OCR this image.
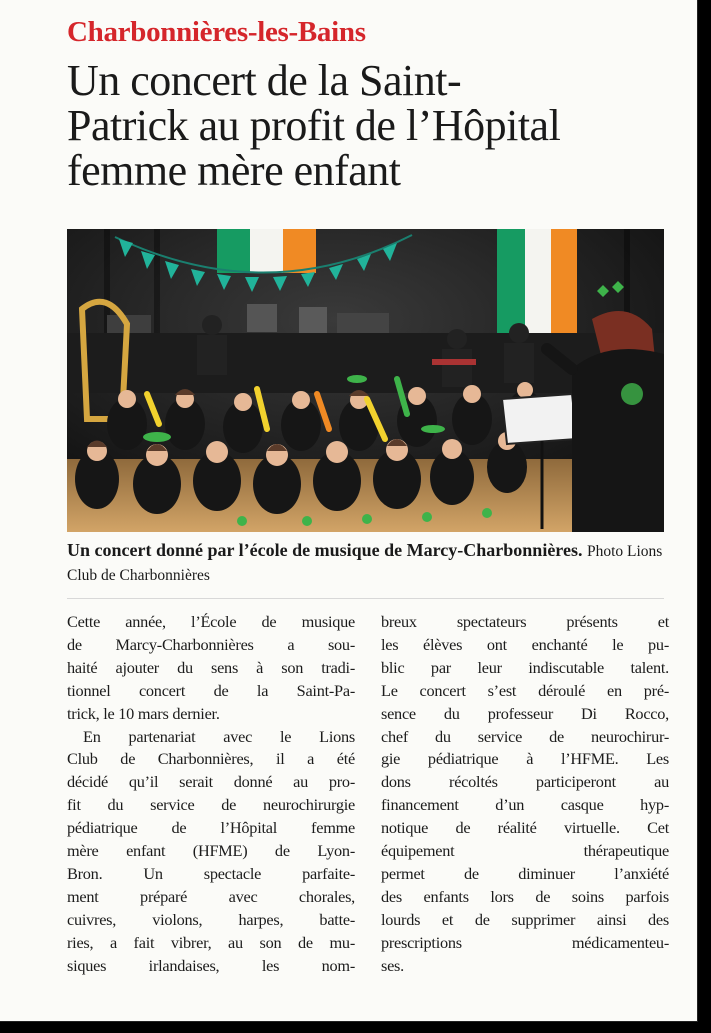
Charbonnières-les-Bains

Un concert de la Saint-
Patrick au profit de l’Hôpital
femme mère enfant

Un concert donné par l’école de musique de Marcy-Charbonnières. Photo Lions Club de Charbonnières

Cette année, l’École de musique
de Marcy-Charbonnières a sou-
haité ajouter du sens à son tradi-
tionnel concert de la Saint-Pa-
trick, le 10 mars dernier.
En partenariat avec le Lions
Club de Charbonnières, il a été
décidé qu’il serait donné au pro-
fit du service de neurochirurgie
pédiatrique de l’Hôpital femme
mère enfant (HFME) de Lyon-
Bron. Un spectacle parfaite-
ment préparé avec chorales,
cuivres, violons, harpes, batte-
ries, a fait vibrer, au son de mu-
siques irlandaises, les nom-
breux spectateurs présents et
les élèves ont enchanté le pu-
blic par leur indiscutable talent.
Le concert s’est déroulé en pré-
sence du professeur Di Rocco,
chef du service de neurochirur-
gie pédiatrique à l’HFME. Les
dons récoltés participeront au
financement d’un casque hyp-
notique de réalité virtuelle. Cet
équipement thérapeutique
permet de diminuer l’anxiété
des enfants lors de soins parfois
lourds et de supprimer ainsi des
prescriptions médicamenteu-
ses.
